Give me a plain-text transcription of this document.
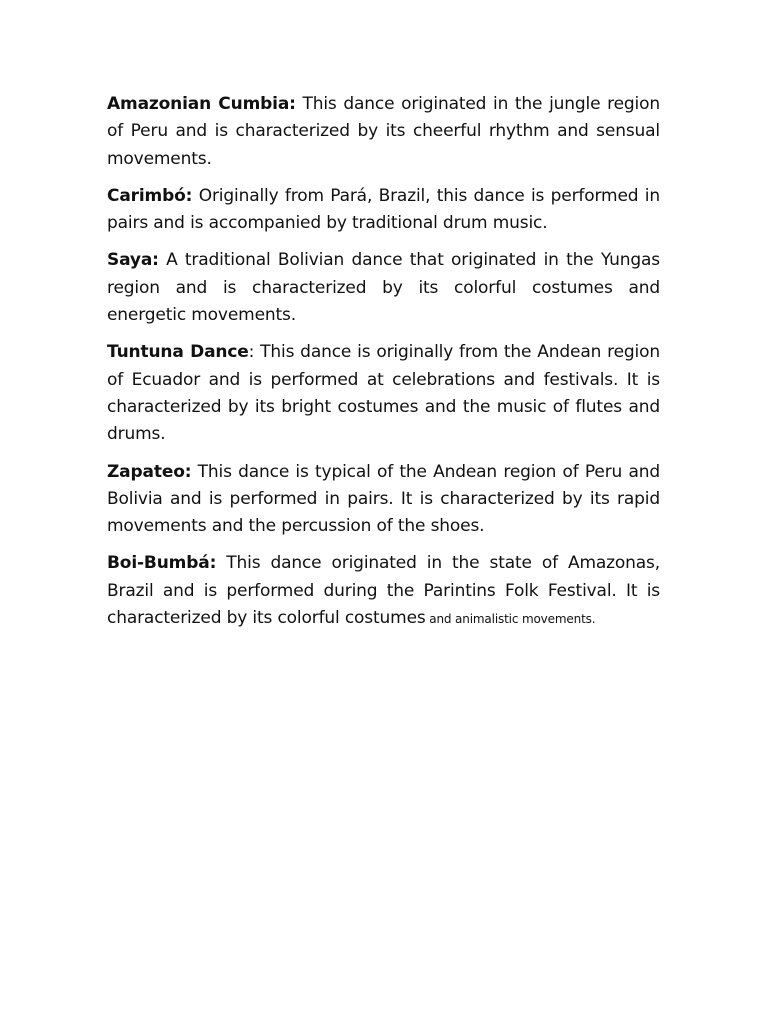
Amazonian Cumbia: This dance originated in the jungle region of Peru and is characterized by its cheerful rhythm and sensual movements.

Carimbó: Originally from Pará, Brazil, this dance is performed in pairs and is accompanied by traditional drum music.

Saya: A traditional Bolivian dance that originated in the Yungas region and is characterized by its colorful costumes and energetic movements.

Tuntuna Dance: This dance is originally from the Andean region of Ecuador and is performed at celebrations and festivals. It is characterized by its bright costumes and the music of flutes and drums.

Zapateo: This dance is typical of the Andean region of Peru and Bolivia and is performed in pairs. It is characterized by its rapid movements and the percussion of the shoes.

Boi-Bumbá: This dance originated in the state of Amazonas, Brazil and is performed during the Parintins Folk Festival. It is characterized by its colorful costumes and animalistic movements.
